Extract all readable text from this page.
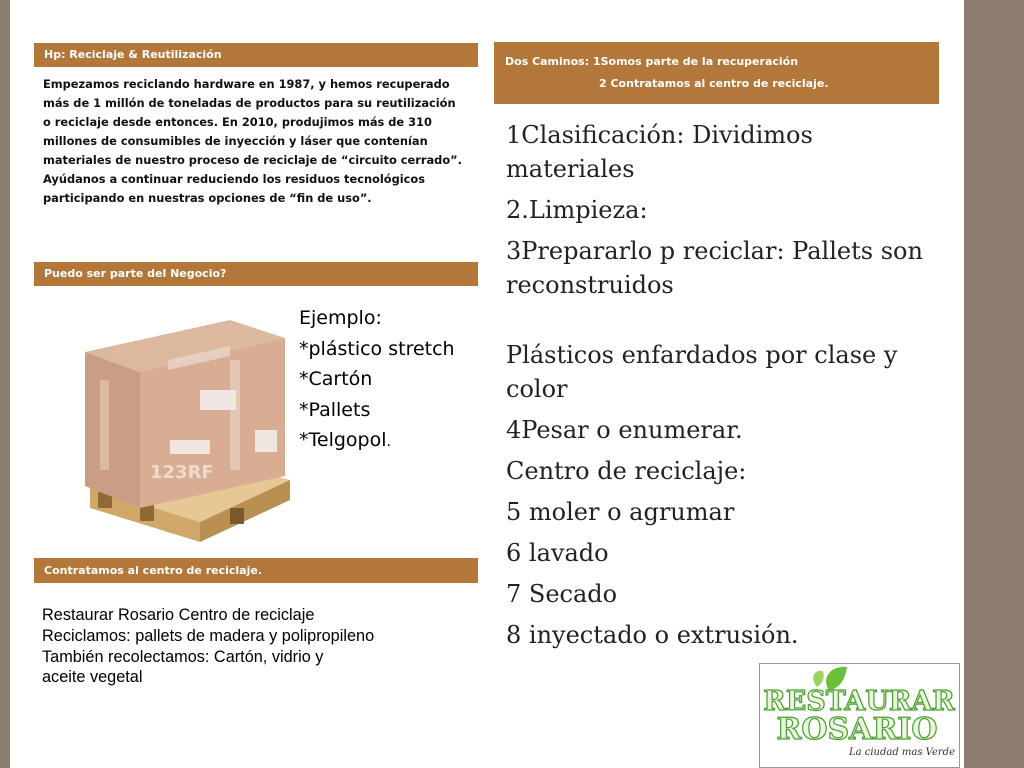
Hp: Reciclaje & Reutilización
Empezamos reciclando hardware en 1987, y hemos recuperado
más de 1 millón de toneladas de productos para su reutilización
o reciclaje desde entonces. En 2010, produjimos más de 310
millones de consumibles de inyección y láser que contenían
materiales de nuestro proceso de reciclaje de “circuito cerrado”.
Ayúdanos a continuar reduciendo los residuos tecnológicos
participando en nuestras opciones de “fin de uso”.
Puedo ser parte del Negocio?
123RF
Ejemplo:
*plástico stretch
*Cartón
*Pallets
*Telgopol.
Contratamos al centro de reciclaje.
Restaurar Rosario Centro de reciclaje
Reciclamos: pallets de madera y polipropileno
También recolectamos: Cartón, vidrio y
aceite vegetal
Dos Caminos: 1Somos parte de la recuperación
2 Contratamos al centro de reciclaje.

1Clasificación: Dividimos materiales

2.Limpieza:

3Prepararlo p reciclar: Pallets son reconstruidos

Plásticos enfardados por clase y color

4Pesar o enumerar.

Centro de reciclaje:

5 moler o agrumar

6 lavado

7 Secado

8 inyectado o extrusión.

RESTAURAR
ROSARIO
La ciudad mas Verde
